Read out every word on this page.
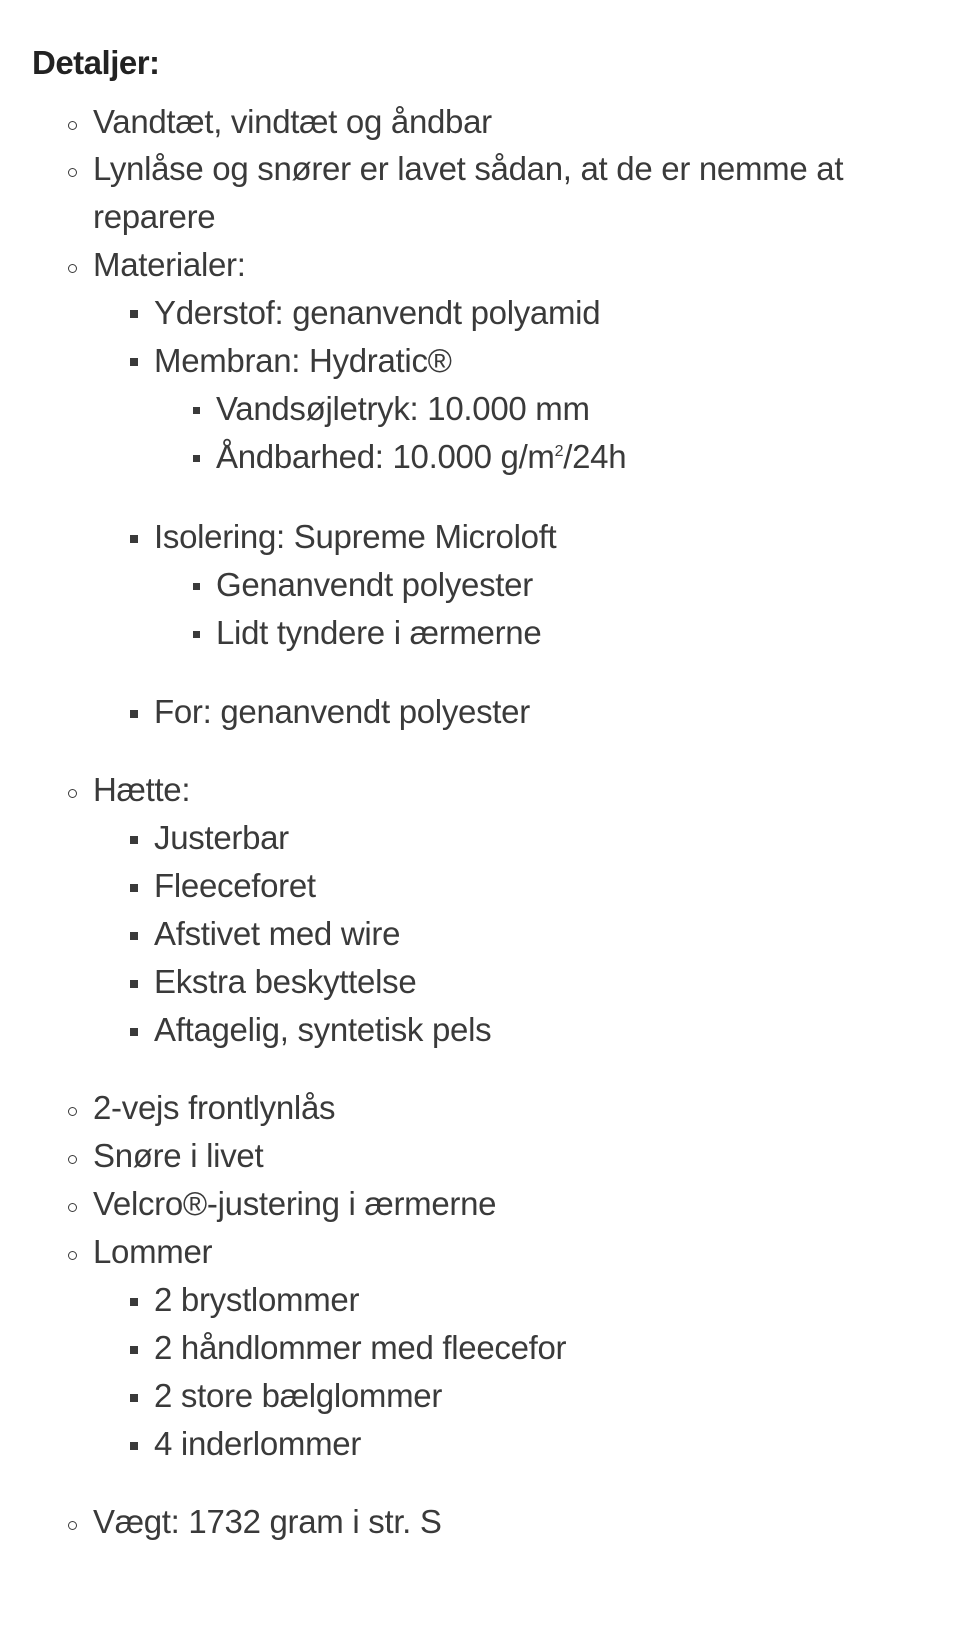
Detaljer:
Vandtæt, vindtæt og åndbar
Lynlåse og snører er lavet sådan, at de er nemme at
reparere
Materialer:
Yderstof: genanvendt polyamid
Membran: Hydratic®
Vandsøjletryk: 10.000 mm
Åndbarhed: 10.000 $g/m^2/24h$
Isolering: Supreme Microloft
Genanvendt polyester
Lidt tyndere i ærmerne
For: genanvendt polyester
Hætte:
Justerbar
Fleeceforet
Afstivet med wire
Ekstra beskyttelse
Aftagelig, syntetisk pels
2-vejs frontlynlås
Snøre i livet
Velcro®-justering i ærmerne
Lommer
2 brystlommer
2 håndlommer med fleecefor
2 store bælglommer
4 inderlommer
Vægt: 1732 gram i str. S
